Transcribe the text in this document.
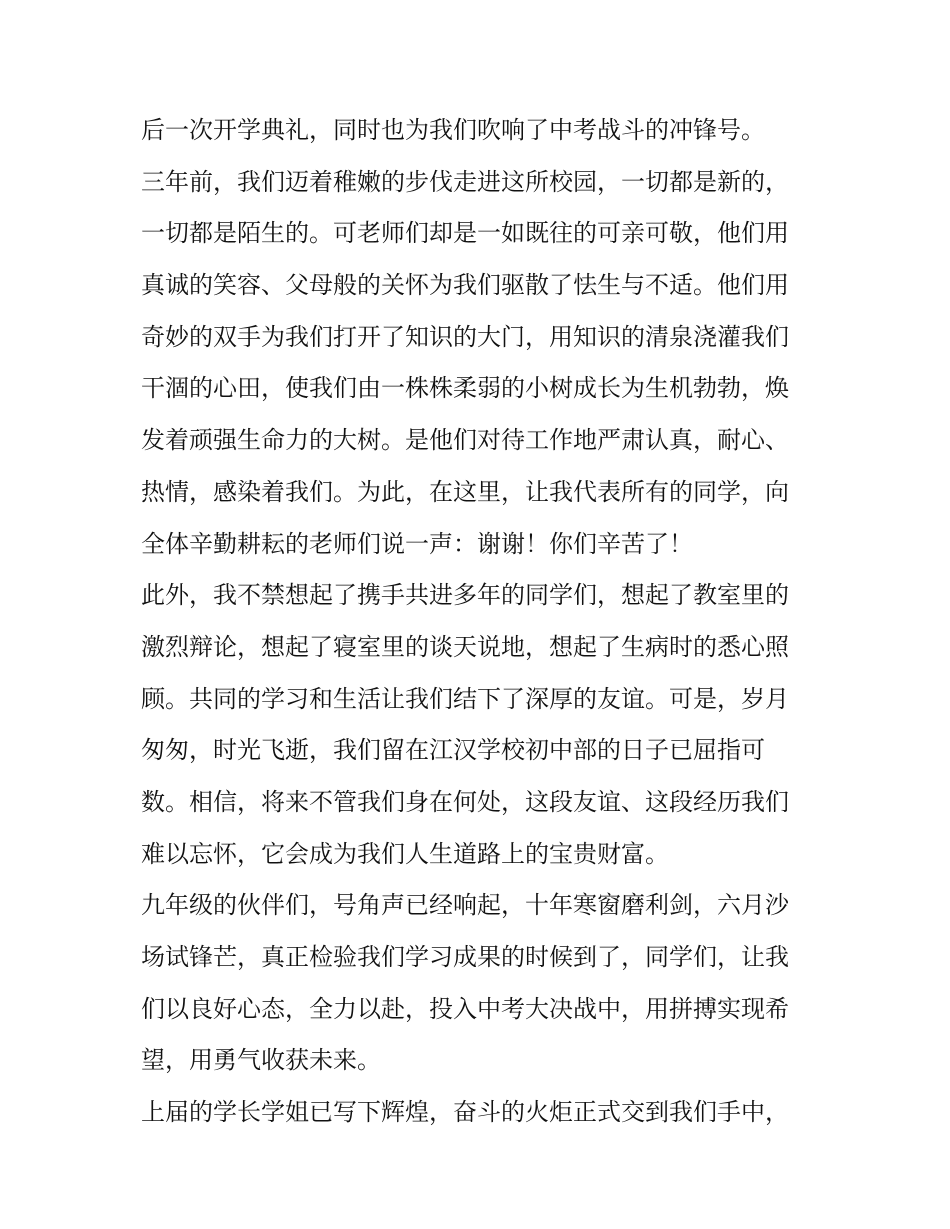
后一次开学典礼，同时也为我们吹响了中考战斗的冲锋号。
三年前，我们迈着稚嫩的步伐走进这所校园，一切都是新的，
一切都是陌生的。可老师们却是一如既往的可亲可敬，他们用
真诚的笑容、父母般的关怀为我们驱散了怯生与不适。他们用
奇妙的双手为我们打开了知识的大门，用知识的清泉浇灌我们
干涸的心田，使我们由一株株柔弱的小树成长为生机勃勃，焕
发着顽强生命力的大树。是他们对待工作地严肃认真，耐心、
热情，感染着我们。为此，在这里，让我代表所有的同学，向
全体辛勤耕耘的老师们说一声：谢谢！你们辛苦了！
此外，我不禁想起了携手共进多年的同学们，想起了教室里的
激烈辩论，想起了寝室里的谈天说地，想起了生病时的悉心照
顾。共同的学习和生活让我们结下了深厚的友谊。可是，岁月
匆匆，时光飞逝，我们留在江汉学校初中部的日子已屈指可
数。相信，将来不管我们身在何处，这段友谊、这段经历我们
难以忘怀，它会成为我们人生道路上的宝贵财富。
九年级的伙伴们，号角声已经响起，十年寒窗磨利剑，六月沙
场试锋芒，真正检验我们学习成果的时候到了，同学们，让我
们以良好心态，全力以赴，投入中考大决战中，用拼搏实现希
望，用勇气收获未来。
上届的学长学姐已写下辉煌，奋斗的火炬正式交到我们手中，
